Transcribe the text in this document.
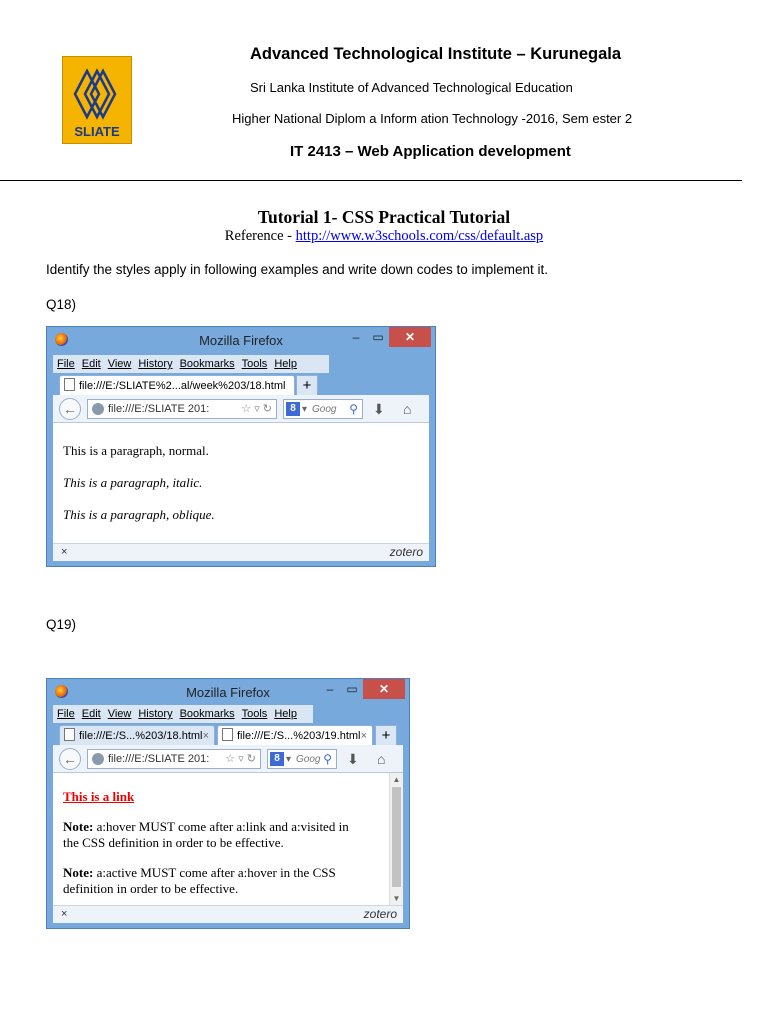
SLIATE
Advanced Technological Institute – Kurunegala
Sri Lanka Institute of Advanced Technological Education
Higher National Diplom a Inform ation Technology -2016, Sem ester 2
IT 2413 – Web Application development
Tutorial 1- CSS Practical Tutorial
Reference - http://www.w3schools.com/css/default.asp
Identify the styles apply in following examples and write down codes to implement it.
Q18)
Mozilla Firefox	–	▭	✕
File Edit View History Bookmarks Tools Help
file:///E:/SLIATE%2...al/week%203/18.html	+
←	file:///E:/SLIATE 201:	☆ ▿ ↻	8 ▾ Goog ⚲ ⬇ ⌂

This is a paragraph, normal.

This is a paragraph, italic.

This is a paragraph, oblique.

×	zotero
Q19)
Mozilla Firefox	–	▭	✕
File Edit View History Bookmarks Tools Help
file:///E:/S...%203/18.html ×	file:///E:/S...%203/19.html × +
←	file:///E:/SLIATE 201: ☆ ▿ ↻	8 ▾ Goog ⚲ ⬇ ⌂

This is a link

Note: a:hover MUST come after a:link and a:visited in
the CSS definition in order to be effective.

Note: a:active MUST come after a:hover in the CSS
definition in order to be effective.

▲
▼
×	zotero
